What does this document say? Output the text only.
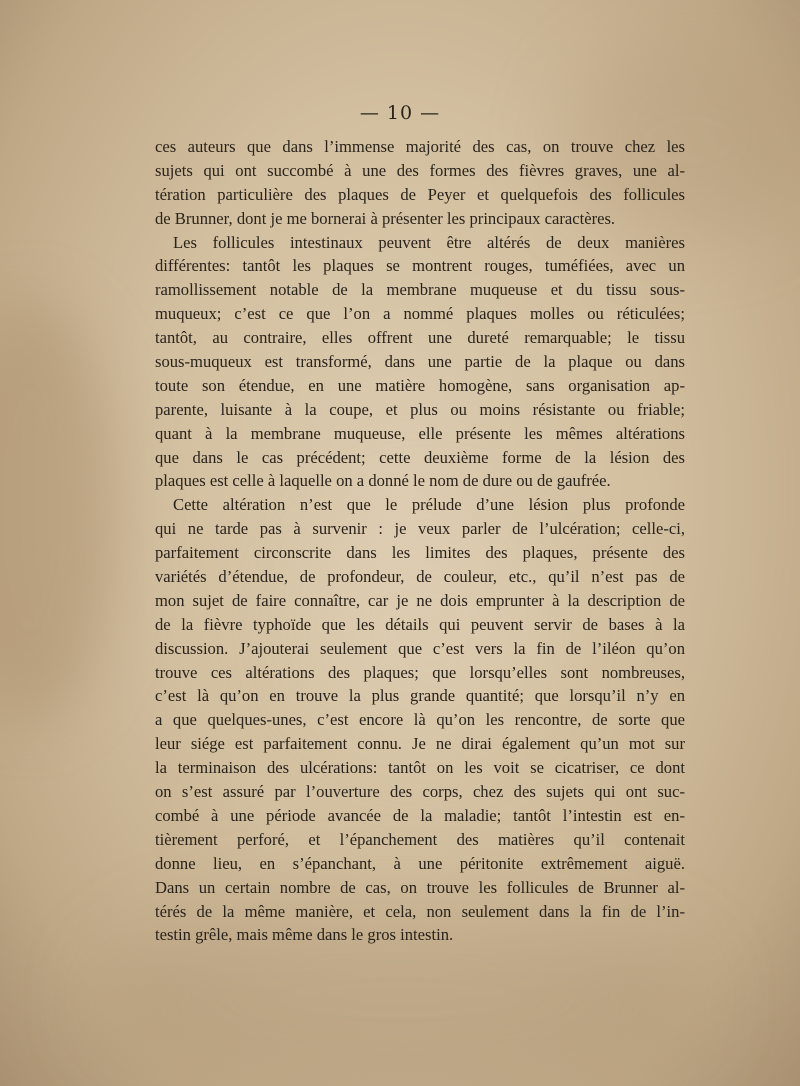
— 10 —
ces auteurs que dans l’immense majorité des cas, on trouve chez les
sujets qui ont succombé à une des formes des fièvres graves, une al-
tération particulière des plaques de Peyer et quelquefois des follicules
de Brunner, dont je me bornerai à présenter les principaux caractères.
Les follicules intestinaux peuvent être altérés de deux manières
différentes: tantôt les plaques se montrent rouges, tuméfiées, avec un
ramollissement notable de la membrane muqueuse et du tissu sous-
muqueux; c’est ce que l’on a nommé plaques molles ou réticulées;
tantôt, au contraire, elles offrent une dureté remarquable; le tissu
sous-muqueux est transformé, dans une partie de la plaque ou dans
toute son étendue, en une matière homogène, sans organisation ap-
parente, luisante à la coupe, et plus ou moins résistante ou friable;
quant à la membrane muqueuse, elle présente les mêmes altérations
que dans le cas précédent; cette deuxième forme de la lésion des
plaques est celle à laquelle on a donné le nom de dure ou de gaufrée.
Cette altération n’est que le prélude d’une lésion plus profonde
qui ne tarde pas à survenir : je veux parler de l’ulcération; celle-ci,
parfaitement circonscrite dans les limites des plaques, présente des
variétés d’étendue, de profondeur, de couleur, etc., qu’il n’est pas de
mon sujet de faire connaître, car je ne dois emprunter à la description de
de la fièvre typhoïde que les détails qui peuvent servir de bases à la
discussion. J’ajouterai seulement que c’est vers la fin de l’iléon qu’on
trouve ces altérations des plaques; que lorsqu’elles sont nombreuses,
c’est là qu’on en trouve la plus grande quantité; que lorsqu’il n’y en
a que quelques-unes, c’est encore là qu’on les rencontre, de sorte que
leur siége est parfaitement connu. Je ne dirai également qu’un mot sur
la terminaison des ulcérations: tantôt on les voit se cicatriser, ce dont
on s’est assuré par l’ouverture des corps, chez des sujets qui ont suc-
combé à une période avancée de la maladie; tantôt l’intestin est en-
tièrement perforé, et l’épanchement des matières qu’il contenait
donne lieu, en s’épanchant, à une péritonite extrêmement aiguë.
Dans un certain nombre de cas, on trouve les follicules de Brunner al-
térés de la même manière, et cela, non seulement dans la fin de l’in-
testin grêle, mais même dans le gros intestin.
